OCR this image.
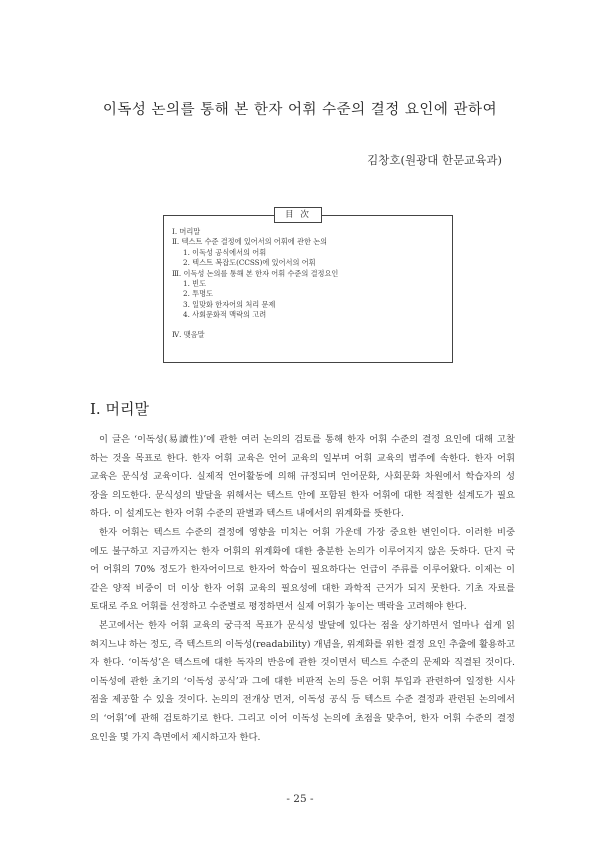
이독성 논의를 통해 본 한자 어휘 수준의 결정 요인에 관하여
김창호(원광대 한문교육과)
目 次
Ⅰ. 머리말
Ⅱ. 텍스트 수준 결정에 있어서의 어휘에 관한 논의
1. 이독성 공식에서의 어휘
2. 텍스트 복잡도(CCSS)에 있어서의 어휘
Ⅲ. 이독성 논의를 통해 본 한자 어휘 수준의 결정요인
1. 빈도
2. 투명도
3. 일맞화 한자어의 처리 문제
4. 사회문화적 맥락의 고려
Ⅳ. 맺음말
Ⅰ. 머리말
이 글은 ‘이독성(易讀性)’에 관한 여러 논의의 검토를 통해 한자 어휘 수준의 결정 요인에 대해 고찰
하는 것을 목표로 한다. 한자 어휘 교육은 언어 교육의 일부며 어휘 교육의 범주에 속한다. 한자 어휘
교육은 문식성 교육이다. 실제적 언어활동에 의해 규정되며 언어문화, 사회문화 차원에서 학습자의 성
장을 의도한다. 문식성의 발달을 위해서는 텍스트 안에 포함된 한자 어휘에 대한 적절한 설계도가 필요
하다. 이 설계도는 한자 어휘 수준의 판별과 텍스트 내에서의 위계화를 뜻한다.
한자 어휘는 텍스트 수준의 결정에 영향을 미치는 어휘 가운데 가장 중요한 변인이다. 이러한 비중
에도 불구하고 지금까지는 한자 어휘의 위계화에 대한 충분한 논의가 이루어지지 않은 듯하다. 단지 국
어 어휘의 70% 정도가 한자어이므로 한자어 학습이 필요하다는 언급이 주류를 이루어왔다. 이제는 이
같은 양적 비중이 더 이상 한자 어휘 교육의 필요성에 대한 과학적 근거가 되지 못한다. 기초 자료를
토대로 주요 어휘를 선정하고 수준별로 평정하면서 실제 어휘가 놓이는 맥락을 고려해야 한다.
본고에서는 한자 어휘 교육의 궁극적 목표가 문식성 발달에 있다는 점을 상기하면서 얼마나 쉽게 읽
혀지느냐 하는 정도, 즉 텍스트의 이독성(readability) 개념을, 위계화를 위한 결정 요인 추출에 활용하고
자 한다. ‘이독성’은 텍스트에 대한 독자의 반응에 관한 것이면서 텍스트 수준의 문제와 직결된 것이다.
이독성에 관한 초기의 ‘이독성 공식’과 그에 대한 비판적 논의 등은 어휘 투입과 관련하여 일정한 시사
점을 제공할 수 있을 것이다. 논의의 전개상 먼저, 이독성 공식 등 텍스트 수준 결정과 관련된 논의에서
의 ‘어휘’에 관해 검토하기로 한다. 그리고 이어 이독성 논의에 초점을 맞추어, 한자 어휘 수준의 결정
요인을 몇 가지 측면에서 제시하고자 한다.
- 25 -
